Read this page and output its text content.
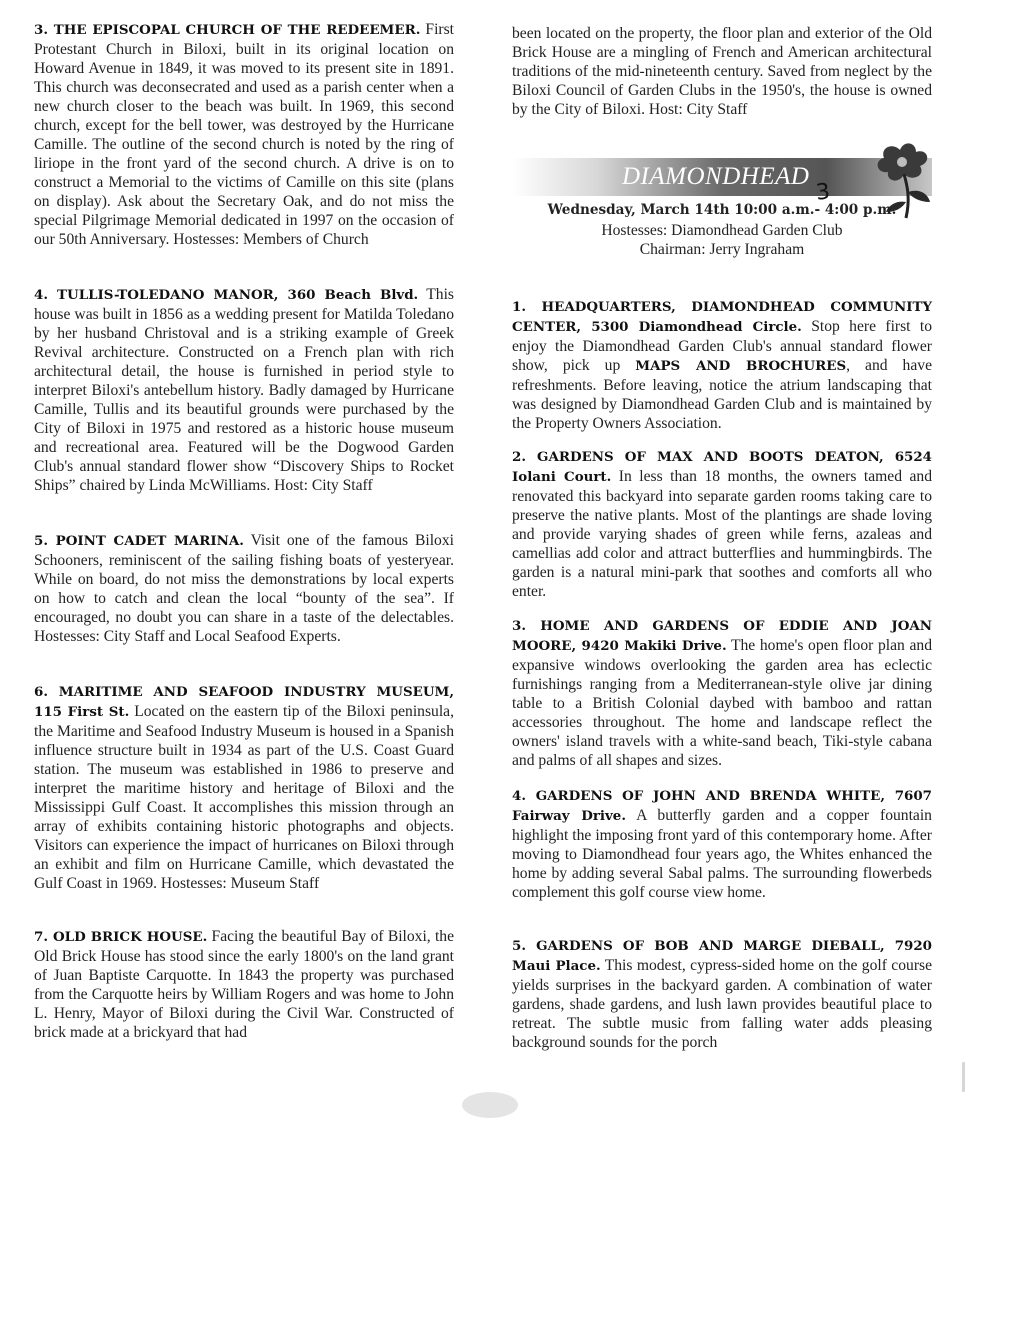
3. THE EPISCOPAL CHURCH OF THE REDEEMER. First Protestant Church in Biloxi, built in its original location on Howard Avenue in 1849, it was moved to its present site in 1891. This church was deconsecrated and used as a parish center when a new church closer to the beach was built. In 1969, this second church, except for the bell tower, was destroyed by the Hurricane Camille. The outline of the second church is noted by the ring of liriope in the front yard of the second church. A drive is on to construct a Memorial to the victims of Camille on this site (plans on display). Ask about the Secretary Oak, and do not miss the special Pilgrimage Memorial dedicated in 1997 on the occasion of our 50th Anniversary. Hostesses: Members of Church

4. TULLIS-TOLEDANO MANOR, 360 Beach Blvd. This house was built in 1856 as a wedding present for Matilda Toledano by her husband Christoval and is a striking example of Greek Revival architecture. Constructed on a French plan with rich architectural detail, the house is furnished in period style to interpret Biloxi's antebellum history. Badly damaged by Hurricane Camille, Tullis and its beautiful grounds were purchased by the City of Biloxi in 1975 and restored as a historic house museum and recreational area. Featured will be the Dogwood Garden Club's annual standard flower show “Discovery Ships to Rocket Ships” chaired by Linda McWilliams. Host: City Staff

5. POINT CADET MARINA. Visit one of the famous Biloxi Schooners, reminiscent of the sailing fishing boats of yesteryear. While on board, do not miss the demonstrations by local experts on how to catch and clean the local “bounty of the sea”. If encouraged, no doubt you can share in a taste of the delectables. Hostesses: City Staff and Local Seafood Experts.

6. MARITIME AND SEAFOOD INDUSTRY MUSEUM, 115 First St. Located on the eastern tip of the Biloxi peninsula, the Maritime and Seafood Industry Museum is housed in a Spanish influence structure built in 1934 as part of the U.S. Coast Guard station. The museum was established in 1986 to preserve and interpret the maritime history and heritage of Biloxi and the Mississippi Gulf Coast. It accomplishes this mission through an array of exhibits containing historic photographs and objects. Visitors can experience the impact of hurricanes on Biloxi through an exhibit and film on Hurricane Camille, which devastated the Gulf Coast in 1969. Hostesses: Museum Staff

7. OLD BRICK HOUSE. Facing the beautiful Bay of Biloxi, the Old Brick House has stood since the early 1800's on the land grant of Juan Baptiste Carquotte. In 1843 the property was purchased from the Carquotte heirs by William Rogers and was home to John L. Henry, Mayor of Biloxi during the Civil War. Constructed of brick made at a brickyard that had

been located on the property, the floor plan and exterior of the Old Brick House are a mingling of French and American architectural traditions of the mid-nineteenth century. Saved from neglect by the Biloxi Council of Garden Clubs in the 1950's, the house is owned by the City of Biloxi. Host: City Staff

1. HEADQUARTERS, DIAMONDHEAD COMMUNITY CENTER, 5300 Diamondhead Circle. Stop here first to enjoy the Diamondhead Garden Club's annual standard flower show, pick up MAPS AND BROCHURES, and have refreshments. Before leaving, notice the atrium landscaping that was designed by Diamondhead Garden Club and is maintained by the Property Owners Association.

2. GARDENS OF MAX AND BOOTS DEATON, 6524 Iolani Court. In less than 18 months, the owners tamed and renovated this backyard into separate garden rooms taking care to preserve the native plants. Most of the plantings are shade loving and provide varying shades of green while ferns, azaleas and camellias add color and attract butterflies and hummingbirds. The garden is a natural mini-park that soothes and comforts all who enter.

3. HOME AND GARDENS OF EDDIE AND JOAN MOORE, 9420 Makiki Drive. The home's open floor plan and expansive windows overlooking the garden area has eclectic furnishings ranging from a Mediterranean-style olive jar dining table to a British Colonial daybed with bamboo and rattan accessories throughout. The home and landscape reflect the owners' island travels with a white-sand beach, Tiki-style cabana and palms of all shapes and sizes.

4. GARDENS OF JOHN AND BRENDA WHITE, 7607 Fairway Drive. A butterfly garden and a copper fountain highlight the imposing front yard of this contemporary home. After moving to Diamondhead four years ago, the Whites enhanced the home by adding several Sabal palms. The surrounding flowerbeds complement this golf course view home.

5. GARDENS OF BOB AND MARGE DIEBALL, 7920 Maui Place. This modest, cypress-sided home on the golf course yields surprises in the backyard garden. A combination of water gardens, shade gardens, and lush lawn provides beautiful place to retreat. The subtle music from falling water adds pleasing background sounds for the porch

DIAMONDHEAD
3
Wednesday, March 14th 10:00 a.m.- 4:00 p.m.
Hostesses: Diamondhead Garden Club
Chairman: Jerry Ingraham
